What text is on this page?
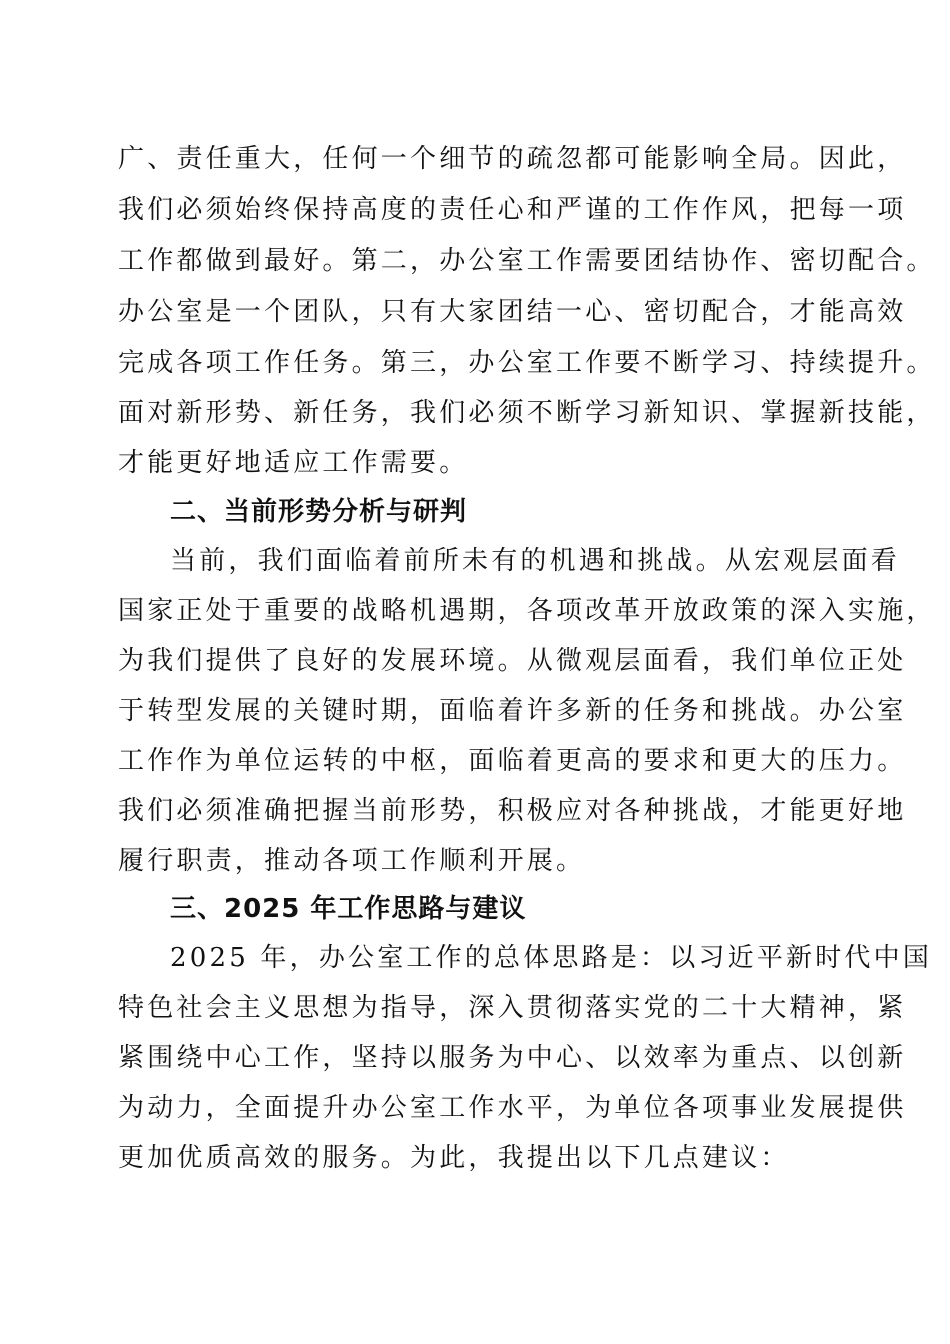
广、责任重大，任何一个细节的疏忽都可能影响全局。因此，
我们必须始终保持高度的责任心和严谨的工作作风，把每一项
工作都做到最好。第二，办公室工作需要团结协作、密切配合。
办公室是一个团队，只有大家团结一心、密切配合，才能高效
完成各项工作任务。第三，办公室工作要不断学习、持续提升。
面对新形势、新任务，我们必须不断学习新知识、掌握新技能，
才能更好地适应工作需要。
二、当前形势分析与研判
当前，我们面临着前所未有的机遇和挑战。从宏观层面看
国家正处于重要的战略机遇期，各项改革开放政策的深入实施，
为我们提供了良好的发展环境。从微观层面看，我们单位正处
于转型发展的关键时期，面临着许多新的任务和挑战。办公室
工作作为单位运转的中枢，面临着更高的要求和更大的压力。
我们必须准确把握当前形势，积极应对各种挑战，才能更好地
履行职责，推动各项工作顺利开展。
三、2025 年工作思路与建议
2025 年，办公室工作的总体思路是：以习近平新时代中国
特色社会主义思想为指导，深入贯彻落实党的二十大精神，紧
紧围绕中心工作，坚持以服务为中心、以效率为重点、以创新
为动力，全面提升办公室工作水平，为单位各项事业发展提供
更加优质高效的服务。为此，我提出以下几点建议：
